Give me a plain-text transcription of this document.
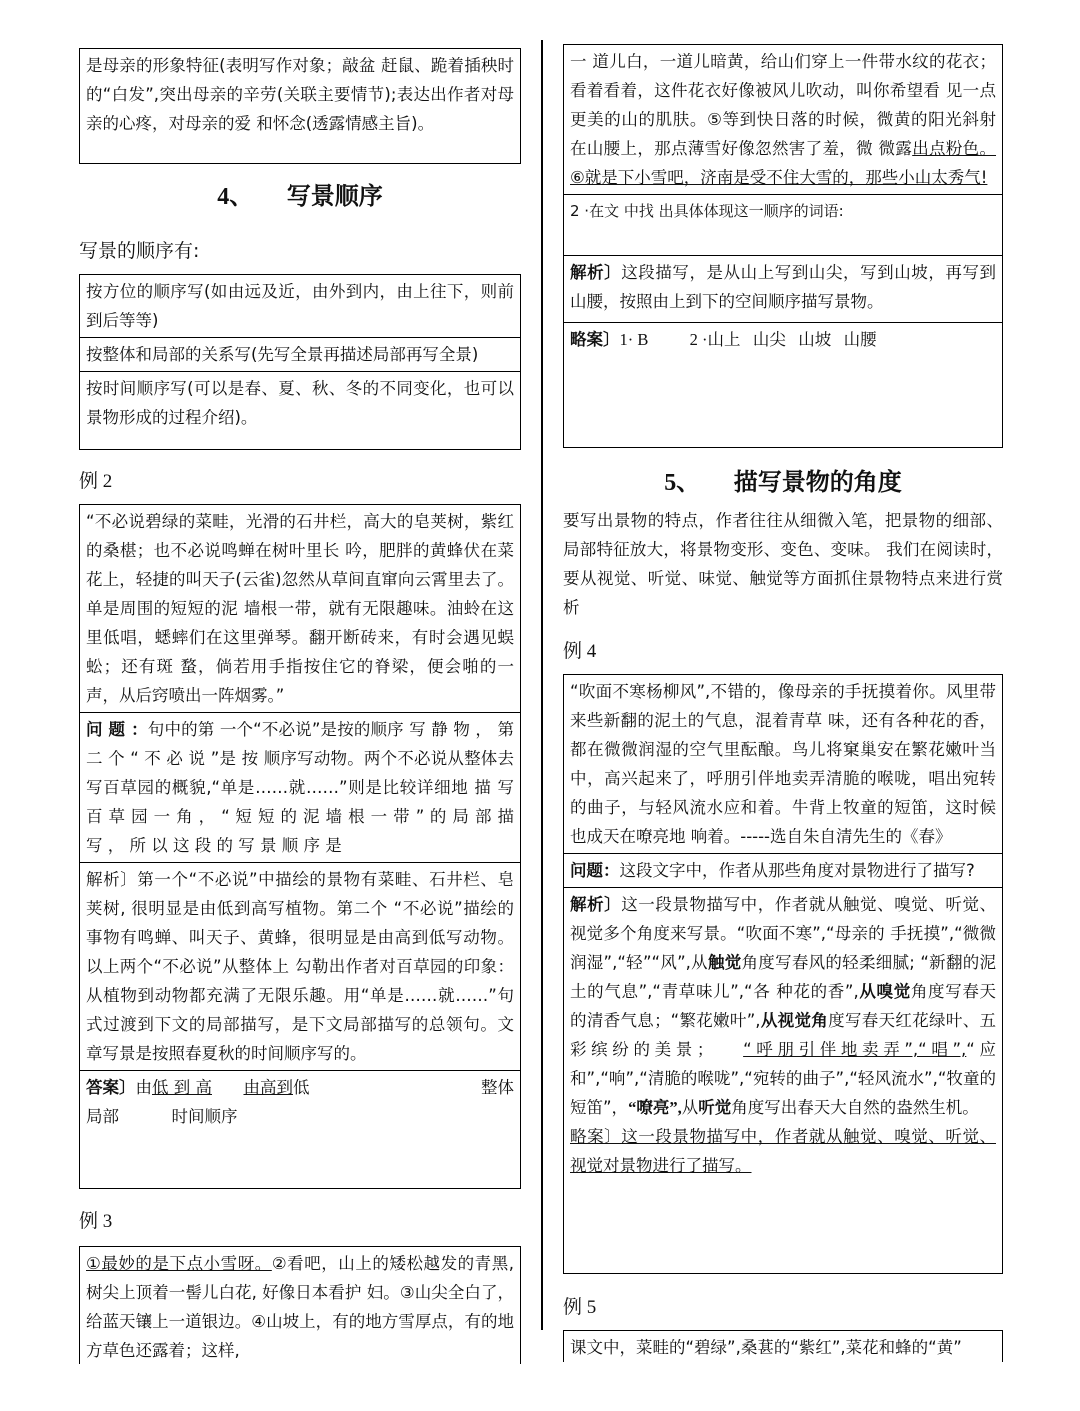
是母亲的形象特征(表明写作对象；敲盆 赶鼠、跪着插秧时的“白发”,突出母亲的辛劳(关联主要情节);表达出作者对母亲的心疼，对母亲的爱 和怀念(透露情感主旨)。

4、 写景顺序

写景的顺序有:

按方位的顺序写(如由远及近，由外到内，由上往下，则前到后等等)

按整体和局部的关系写(先写全景再描述局部再写全景)

按时间顺序写(可以是春、夏、秋、冬的不同变化，也可以景物形成的过程介绍)。

例 2

“不必说碧绿的菜畦，光滑的石井栏，高大的皂荚树，紫红的桑椹；也不必说鸣蝉在树叶里长 吟，肥胖的黄蜂伏在菜花上，轻捷的叫天子(云雀)忽然从草间直窜向云霄里去了。单是周围的短短的泥 墙根一带，就有无限趣味。油蛉在这里低唱，蟋蟀们在这里弹琴。翻开断砖来，有时会遇见蜈蚣；还有斑 蝥，倘若用手指按住它的脊梁，便会啪的一声，从后窍喷出一阵烟雾。”

问 题 ：句中的第 一个“不必说”是按的顺序 写 静 物 ， 第 二 个 “ 不 必 说 ”是 按 顺序写动物。两个不必说从整体去写百草园的概貌,“单是……就……”则是比较详细地 描 写 百 草 园 一 角 ， “ 短 短 的 泥 墙 根 一 带 ” 的 局 部 描 写 ， 所 以 这 段 的 写 景 顺 序 是

解析〕第一个“不必说”中描绘的景物有菜畦、石井栏、皂荚树, 很明显是由低到高写植物。第二个 “不必说”描绘的事物有鸣蝉、叫天子、黄蜂，很明显是由高到低写动物。以上两个“不必说”从整体上 勾勒出作者对百草园的印象：从植物到动物都充满了无限乐趣。用“单是……就……”句式过渡到下文的局部描写，是下文局部描写的总领句。文章写景是按照春夏秋的时间顺序写的。

答案〕由低 到 高 由高到低	整体

局部          时间顺序

例 3

①最妙的是下点小雪呀。②看吧，山上的矮松越发的青黑, 树尖上顶着一髻儿白花, 好像日本看护 妇。③山尖全白了，给蓝天镶上一道银边。④山坡上，有的地方雪厚点，有的地方草色还露着；这样,

一 道儿白，一道儿暗黄，给山们穿上一件带水纹的花衣；看着看着，这件花衣好像被风儿吹动，叫你希望看 见一点更美的山的肌肤。⑤等到快日落的时候，微黄的阳光斜射在山腰上，那点薄雪好像忽然害了羞，微 微露出点粉色。⑥就是下小雪吧，济南是受不住大雪的，那些小山太秀气!

2 ·在文 中找 出具体体现这一顺序的词语:

解析〕这段描写，是从山上写到山尖，写到山坡，再写到山腰，按照由上到下的空间顺序描写景物。

略案〕1· B          2 ·山上   山尖   山坡   山腰

5、 描写景物的角度

要写出景物的特点，作者往往从细微入笔，把景物的细部、局部特征放大，将景物变形、变色、变味。 我们在阅读时，要从视觉、听觉、味觉、触觉等方面抓住景物特点来进行赏析

例 4

“吹面不寒杨柳风”,不错的，像母亲的手抚摸着你。风里带来些新翻的泥土的气息，混着青草 味，还有各种花的香，都在微微润湿的空气里酝酿。鸟儿将窠巢安在繁花嫩叶当中，高兴起来了，呼朋引伴地卖弄清脆的喉咙，唱出宛转的曲子，与轻风流水应和着。牛背上牧童的短笛，这时候也成天在嘹亮地 响着。-----选自朱自清先生的《春》

问题：这段文字中，作者从那些角度对景物进行了描写?

解析〕这一段景物描写中，作者就从触觉、嗅觉、听觉、视觉多个角度来写景。“吹面不寒”,“母亲的 手抚摸”,“微微润湿”,“轻”“风”,从触觉角度写春风的轻柔细腻; “新翻的泥土的气息”,“青草味儿”,“各 种花的香”,从嗅觉角度写春天的清香气息；“繁花嫩叶”,从视觉角度写春天红花绿叶、五彩缤纷的美景； “呼朋引伴地卖弄”,“唱”,“应和”,“响”,“清脆的喉咙”,“宛转的曲子”,“轻风流水”,“牧童的短笛”，“嘹亮”,从听觉角度写出春天大自然的盎然生机。

略案〕这一段景物描写中，作者就从触觉、嗅觉、听觉、视觉对景物进行了描写。

例 5

课文中，菜畦的“碧绿”,桑葚的“紫红”,菜花和蜂的“黄”
